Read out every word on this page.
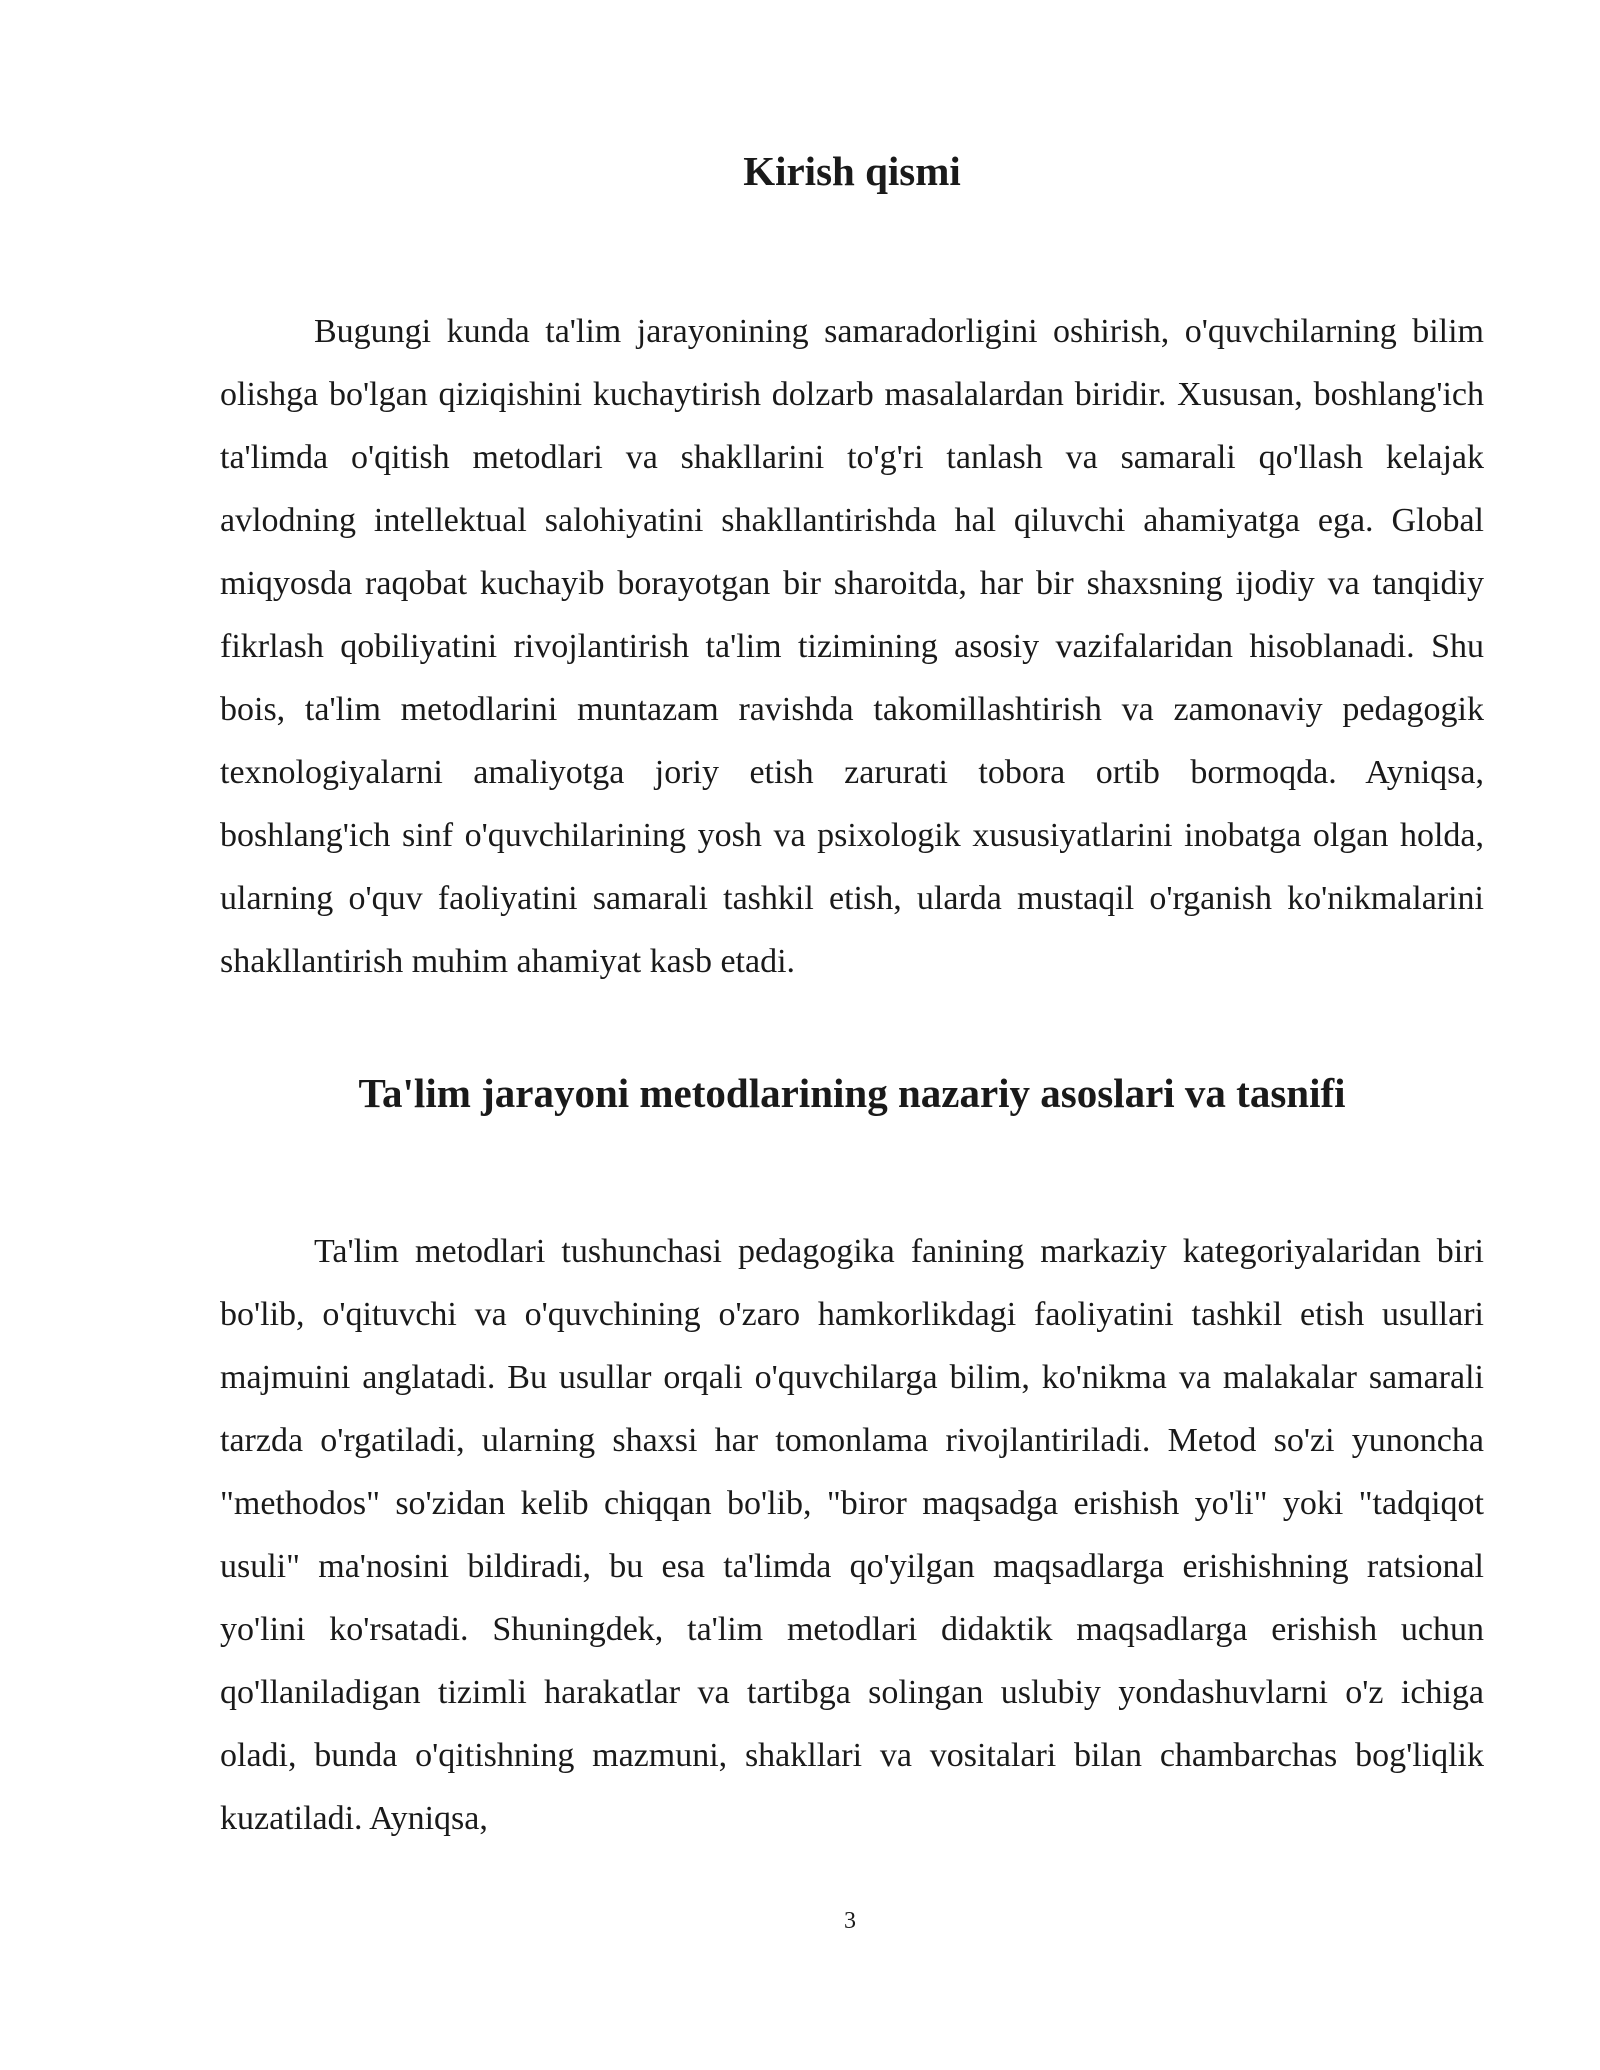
Kirish qismi

Bugungi kunda ta'lim jarayonining samaradorligini oshirish, o'quvchilarning bilim olishga bo'lgan qiziqishini kuchaytirish dolzarb masalalardan biridir. Xususan, boshlang'ich ta'limda o'qitish metodlari va shakllarini to'g'ri tanlash va samarali qo'llash kelajak avlodning intellektual salohiyatini shakllantirishda hal qiluvchi ahamiyatga ega. Global miqyosda raqobat kuchayib borayotgan bir sharoitda, har bir shaxsning ijodiy va tanqidiy fikrlash qobiliyatini rivojlantirish ta'lim tizimining asosiy vazifalaridan hisoblanadi. Shu bois, ta'lim metodlarini muntazam ravishda takomillashtirish va zamonaviy pedagogik texnologiyalarni amaliyotga joriy etish zarurati tobora ortib bormoqda. Ayniqsa, boshlang'ich sinf o'quvchilarining yosh va psixologik xususiyatlarini inobatga olgan holda, ularning o'quv faoliyatini samarali tashkil etish, ularda mustaqil o'rganish ko'nikmalarini shakllantirish muhim ahamiyat kasb etadi.

Ta'lim jarayoni metodlarining nazariy asoslari va tasnifi

Ta'lim metodlari tushunchasi pedagogika fanining markaziy kategoriyalaridan biri bo'lib, o'qituvchi va o'quvchining o'zaro hamkorlikdagi faoliyatini tashkil etish usullari majmuini anglatadi. Bu usullar orqali o'quvchilarga bilim, ko'nikma va malakalar samarali tarzda o'rgatiladi, ularning shaxsi har tomonlama rivojlantiriladi. Metod so'zi yunoncha "methodos" so'zidan kelib chiqqan bo'lib, "biror maqsadga erishish yo'li" yoki "tadqiqot usuli" ma'nosini bildiradi, bu esa ta'limda qo'yilgan maqsadlarga erishishning ratsional yo'lini ko'rsatadi. Shuningdek, ta'lim metodlari didaktik maqsadlarga erishish uchun qo'llaniladigan tizimli harakatlar va tartibga solingan uslubiy yondashuvlarni o'z ichiga oladi, bunda o'qitishning mazmuni, shakllari va vositalari bilan chambarchas bog'liqlik kuzatiladi. Ayniqsa,

3
